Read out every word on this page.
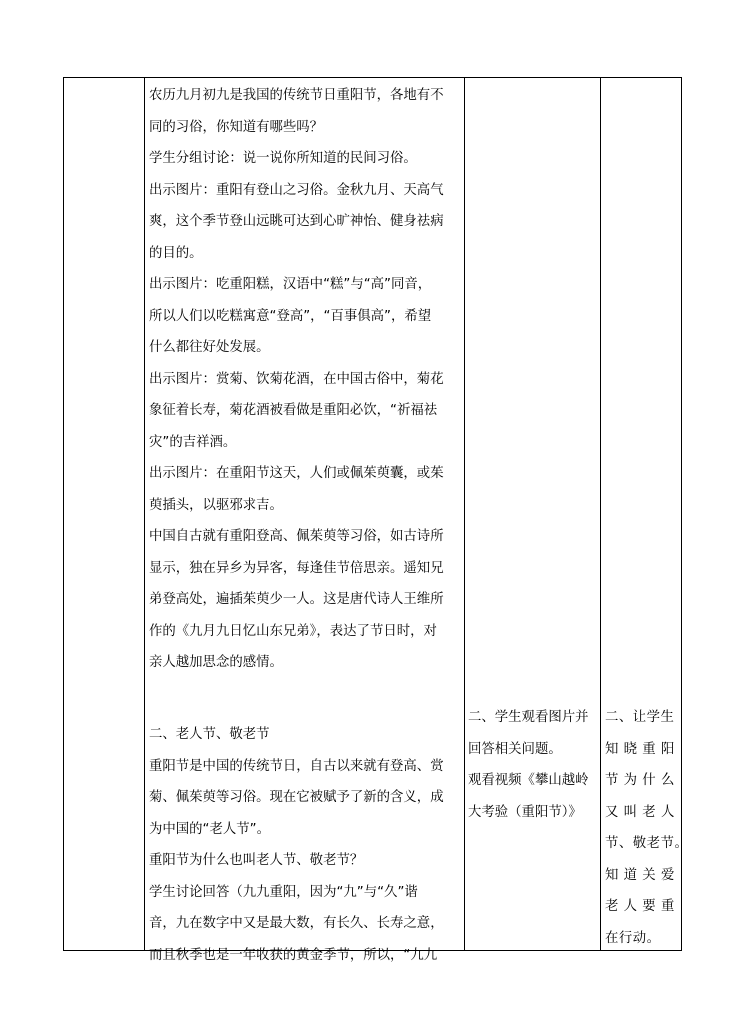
农历九月初九是我国的传统节日重阳节，各地有不

同的习俗，你知道有哪些吗？

学生分组讨论：说一说你所知道的民间习俗。

出示图片：重阳有登山之习俗。金秋九月、天高气

爽，这个季节登山远眺可达到心旷神怡、健身祛病

的目的。

出示图片：吃重阳糕，汉语中“糕”与“高”同音，

所以人们以吃糕寓意“登高”，“百事俱高”，希望

什么都往好处发展。

出示图片：赏菊、饮菊花酒，在中国古俗中，菊花

象征着长寿，菊花酒被看做是重阳必饮，“祈福祛

灾”的吉祥酒。

出示图片：在重阳节这天，人们或佩茱萸囊，或茱

萸插头，以驱邪求吉。

中国自古就有重阳登高、佩茱萸等习俗，如古诗所

显示，独在异乡为异客，每逢佳节倍思亲。遥知兄

弟登高处，遍插茱萸少一人。这是唐代诗人王维所

作的《九月九日忆山东兄弟》，表达了节日时，对

亲人越加思念的感情。

二、老人节、敬老节

重阳节是中国的传统节日，自古以来就有登高、赏

菊、佩茱萸等习俗。现在它被赋予了新的含义，成

为中国的“老人节”。

重阳节为什么也叫老人节、敬老节？

学生讨论回答（九九重阳，因为“九”与“久”谐

音，九在数字中又是最大数，有长久、长寿之意，

而且秋季也是一年收获的黄金季节，所以，“九九

二、学生观看图片并

回答相关问题。

观看视频《攀山越岭

大考验（重阳节）》

二、让学生

知 晓 重 阳

节 为 什 么

又 叫 老 人

节、敬老节。

知 道 关 爱

老 人 要 重

在行动。
